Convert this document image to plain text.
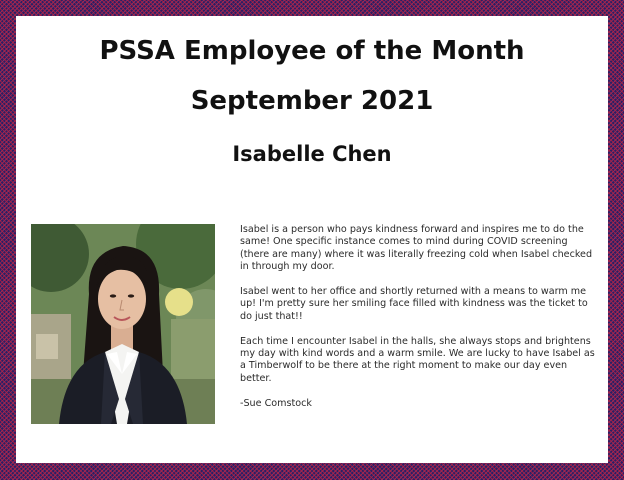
PSSA Employee of the Month
September 2021
Isabelle Chen

Isabel is a person who pays kindness forward and inspires me to do the same! One specific instance comes to mind during COVID screening (there are many) where it was literally freezing cold when Isabel checked in through my door.

Isabel went to her office and shortly returned with a means to warm me up! I'm pretty sure her smiling face filled with kindness was the ticket to do just that!!

Each time I encounter Isabel in the halls, she always stops and brightens my day with kind words and a warm smile. We are lucky to have Isabel as a Timberwolf to be there at the right moment to make our day even better.

-Sue Comstock
